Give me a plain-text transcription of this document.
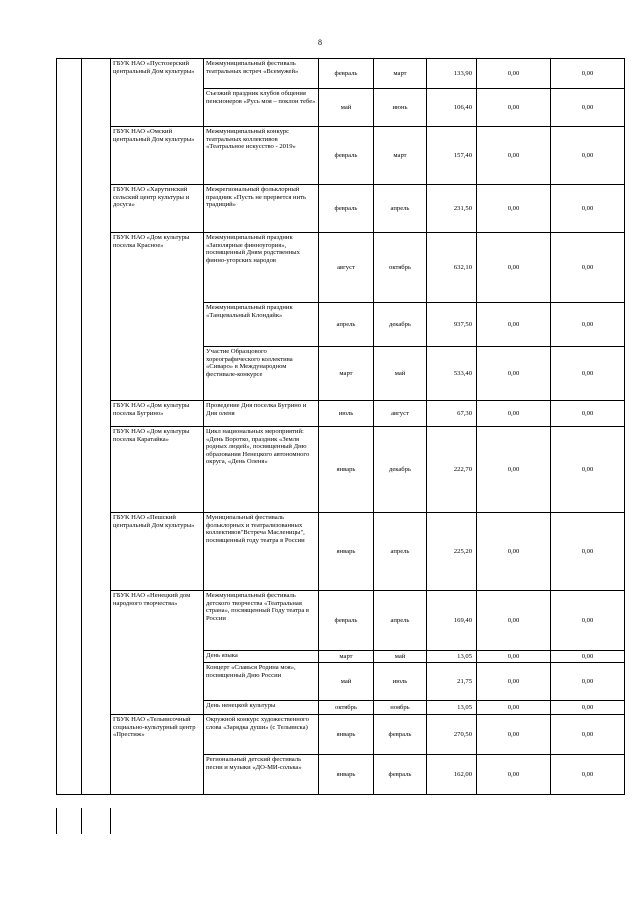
8
		ГБУК НАО «Пустозерский центральный Дом культуры»	Межмуниципальный фестиваль театральных встреч «Всемужей»	февраль	март	133,90	0,00	0,00
			Съезжий праздник клубов общения пенсионеров «Русь моя – поклон тебе»	май	июнь	106,40	0,00	0,00
		ГБУК НАО «Омский центральный Дом культуры»	Межмуниципальный конкурс театральных коллективов «Театральное искусство - 2019»	февраль	март	157,40	0,00	0,00
		ГБУК НАО «Харутинский сельский центр культуры и досуга»	Межрегиональный фольклорный праздник «Пусть не прервется нить традиций»	февраль	апрель	231,50	0,00	0,00
		ГБУК НАО «Дом культуры поселка Красное»	Межмуниципальный праздник «Заполярные финноугория», посвященный Дням родственных финно-угорских народов	август	октябрь	632,10	0,00	0,00
			Межмуниципальный праздник «Танцевальный Клондайк»	апрель	декабрь	937,50	0,00	0,00
			Участие Образцового хореографического коллектива «Сиваро» в Международном фестивале-конкурсе	март	май	533,40	0,00	0,00
		ГБУК НАО «Дом культуры поселка Бугрино»	Проведение Дня поселка Бугрино и Дня оленя	июль	август	67,30	0,00	0,00
		ГБУК НАО «Дом культуры поселка Каратайка»	Цикл национальных мероприятий: «День Воротко, праздник «Земля родных людей», посвященный Дню образования Ненецкого автономного округа, «День Оленя»	январь	декабрь	222,70	0,00	0,00
		ГБУК НАО «Пешский центральный Дом культуры»	Муниципальный фестиваль фольклорных и театрализованных коллективов"Встреча Масленицы", посвященный году театра в России	январь	апрель	225,20	0,00	0,00
		ГБУК НАО «Ненецкий дом народного творчества»	Межмуниципальный фестиваль детского творчества «Театральная страна», посвященный Году театра в России	февраль	апрель	169,40	0,00	0,00
			День языка	март	май	13,05	0,00	0,00
			Концерт «Славься Родина моя», посвященный Дню России	май	июль	21,75	0,00	0,00
			День ненецкой культуры	октябрь	ноябрь	13,05	0,00	0,00
		ГБУК НАО «Тельвисочный социально-культурный центр «Престиж»	Окружной конкурс художественного слова «Зарядка души» (с Тельвиска)	январь	февраль	270,50	0,00	0,00
			Региональный детский фестиваль песни и музыки «ДО-МИ-солька»	январь	февраль	162,00	0,00	0,00
